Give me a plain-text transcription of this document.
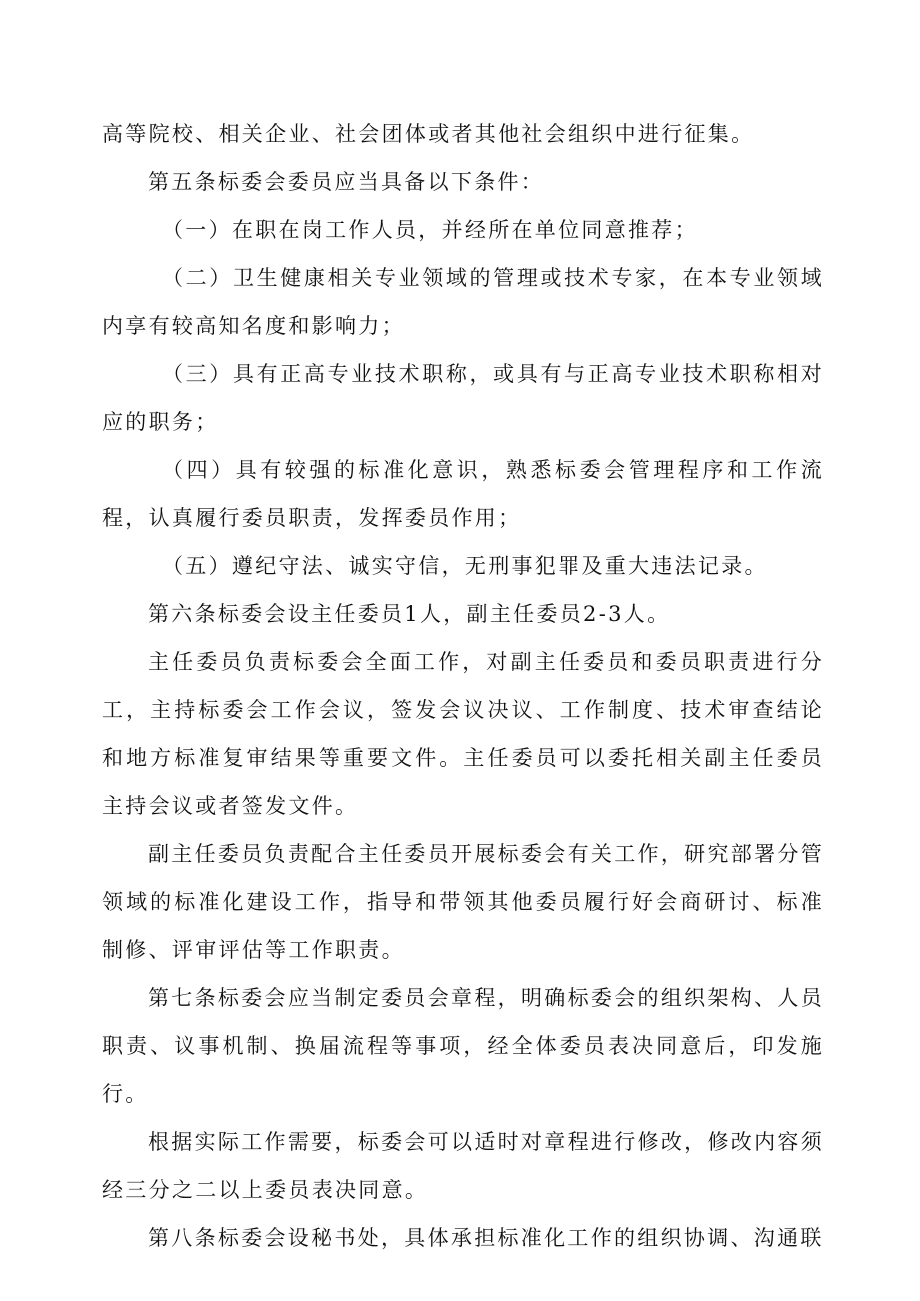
高等院校、相关企业、社会团体或者其他社会组织中进行征集。

第五条标委会委员应当具备以下条件：

（一）在职在岗工作人员，并经所在单位同意推荐；

（二）卫生健康相关专业领域的管理或技术专家，在本专业领域内享有较高知名度和影响力；

（三）具有正高专业技术职称，或具有与正高专业技术职称相对应的职务；

（四）具有较强的标准化意识，熟悉标委会管理程序和工作流程，认真履行委员职责，发挥委员作用；

（五）遵纪守法、诚实守信，无刑事犯罪及重大违法记录。

第六条标委会设主任委员1人，副主任委员2-3人。

主任委员负责标委会全面工作，对副主任委员和委员职责进行分工，主持标委会工作会议，签发会议决议、工作制度、技术审查结论和地方标准复审结果等重要文件。主任委员可以委托相关副主任委员主持会议或者签发文件。

副主任委员负责配合主任委员开展标委会有关工作，研究部署分管领域的标准化建设工作，指导和带领其他委员履行好会商研讨、标准制修、评审评估等工作职责。

第七条标委会应当制定委员会章程，明确标委会的组织架构、人员职责、议事机制、换届流程等事项，经全体委员表决同意后，印发施行。

根据实际工作需要，标委会可以适时对章程进行修改，修改内容须经三分之二以上委员表决同意。

第八条标委会设秘书处，具体承担标准化工作的组织协调、沟通联
